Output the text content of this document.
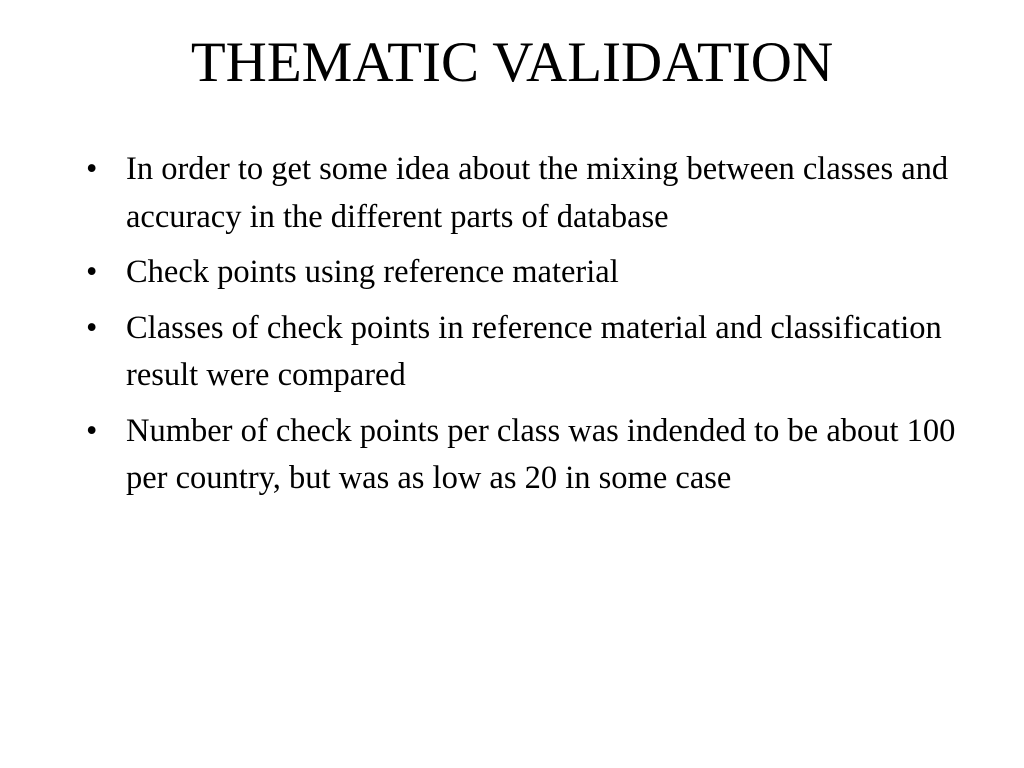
THEMATIC VALIDATION
• In order to get some idea about the mixing between classes and accuracy in the different parts of database
• Check points using reference material
• Classes of check points in reference material and classification result were compared
• Number of check points per class was indended to be about 100 per country, but was as low as 20 in some case
